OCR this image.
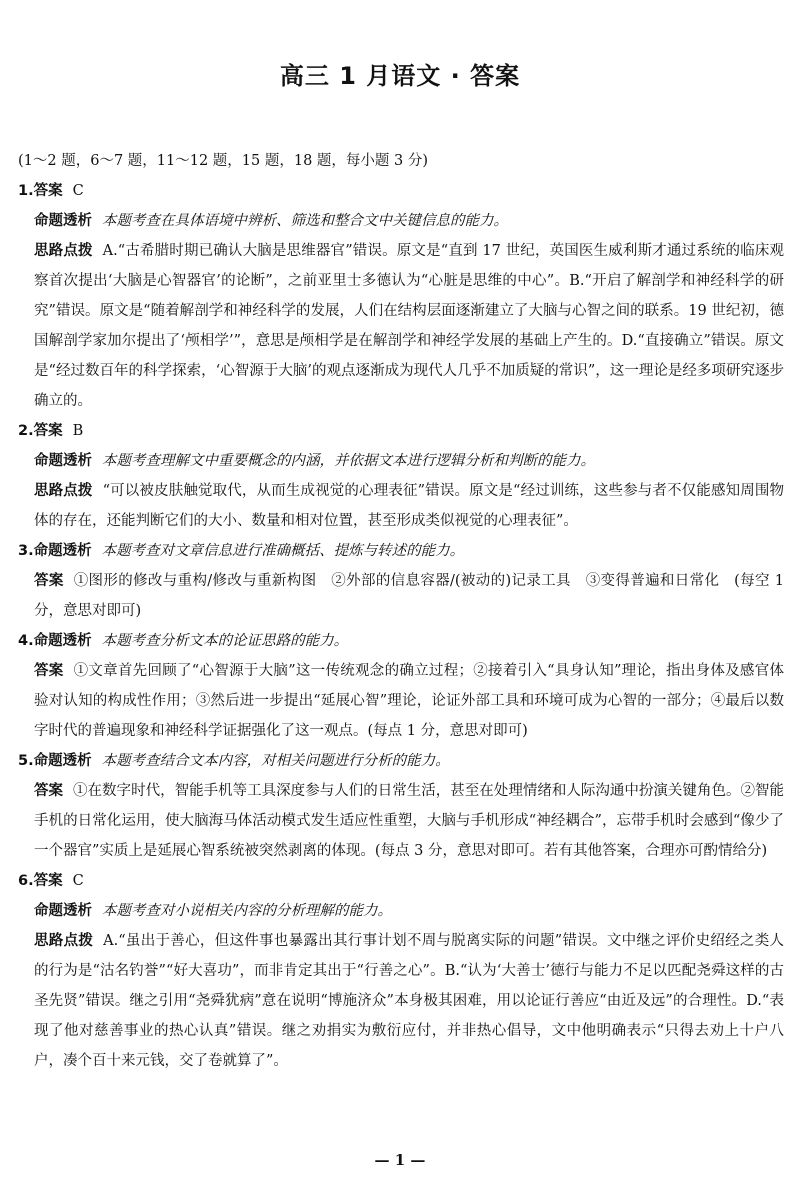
高三 1 月语文 · 答案
(1～2 题，6～7 题，11～12 题，15 题，18 题，每小题 3 分)
1.答案 C
命题透析 本题考查在具体语境中辨析、筛选和整合文中关键信息的能力。
思路点拨 A.“古希腊时期已确认大脑是思维器官”错误。原文是“直到 17 世纪，英国医生威利斯才通过系统的临床观察首次提出‘大脑是心智器官’的论断”，之前亚里士多德认为“心脏是思维的中心”。B.“开启了解剖学和神经科学的研究”错误。原文是“随着解剖学和神经科学的发展，人们在结构层面逐渐建立了大脑与心智之间的联系。19 世纪初，德国解剖学家加尔提出了‘颅相学’”，意思是颅相学是在解剖学和神经学发展的基础上产生的。D.“直接确立”错误。原文是“经过数百年的科学探索，‘心智源于大脑’的观点逐渐成为现代人几乎不加质疑的常识”，这一理论是经多项研究逐步确立的。
2.答案 B
命题透析 本题考查理解文中重要概念的内涵，并依据文本进行逻辑分析和判断的能力。
思路点拨 “可以被皮肤触觉取代，从而生成视觉的心理表征”错误。原文是“经过训练，这些参与者不仅能感知周围物体的存在，还能判断它们的大小、数量和相对位置，甚至形成类似视觉的心理表征”。
3.命题透析 本题考查对文章信息进行准确概括、提炼与转述的能力。
答案 ①图形的修改与重构/修改与重新构图　②外部的信息容器/(被动的)记录工具　③变得普遍和日常化　(每空 1 分，意思对即可)
4.命题透析 本题考查分析文本的论证思路的能力。
答案 ①文章首先回顾了“心智源于大脑”这一传统观念的确立过程；②接着引入“具身认知”理论，指出身体及感官体验对认知的构成性作用；③然后进一步提出“延展心智”理论，论证外部工具和环境可成为心智的一部分；④最后以数字时代的普遍现象和神经科学证据强化了这一观点。(每点 1 分，意思对即可)
5.命题透析 本题考查结合文本内容，对相关问题进行分析的能力。
答案 ①在数字时代，智能手机等工具深度参与人们的日常生活，甚至在处理情绪和人际沟通中扮演关键角色。②智能手机的日常化运用，使大脑海马体活动模式发生适应性重塑，大脑与手机形成“神经耦合”，忘带手机时会感到“像少了一个器官”实质上是延展心智系统被突然剥离的体现。(每点 3 分，意思对即可。若有其他答案，合理亦可酌情给分)
6.答案 C
命题透析 本题考查对小说相关内容的分析理解的能力。
思路点拨 A.“虽出于善心，但这件事也暴露出其行事计划不周与脱离实际的问题”错误。文中继之评价史绍经之类人的行为是“沽名钓誉”“好大喜功”，而非肯定其出于“行善之心”。B.“认为‘大善士’德行与能力不足以匹配尧舜这样的古圣先贤”错误。继之引用“尧舜犹病”意在说明“博施济众”本身极其困难，用以论证行善应“由近及远”的合理性。D.“表现了他对慈善事业的热心认真”错误。继之劝捐实为敷衍应付，并非热心倡导，文中他明确表示“只得去劝上十户八户，凑个百十来元钱，交了卷就算了”。
— 1 —
